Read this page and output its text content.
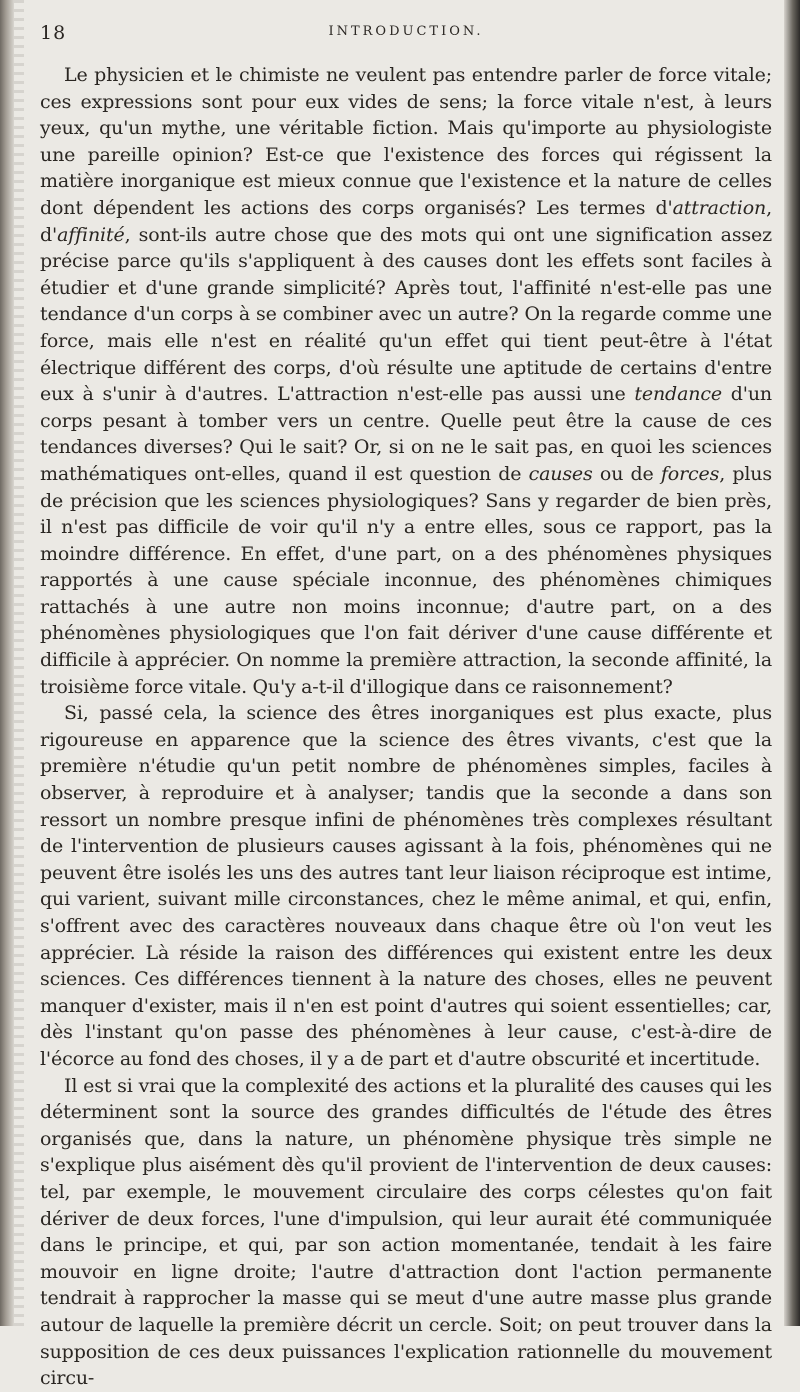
18	INTRODUCTION.

Le physicien et le chimiste ne veulent pas entendre parler de force vitale; ces expressions sont pour eux vides de sens; la force vitale n'est, à leurs yeux, qu'un mythe, une véritable fiction. Mais qu'importe au physiologiste une pareille opinion? Est-ce que l'existence des forces qui régissent la matière inorganique est mieux connue que l'existence et la nature de celles dont dépendent les actions des corps organisés? Les termes d'attraction, d'affinité, sont-ils autre chose que des mots qui ont une signification assez précise parce qu'ils s'appliquent à des causes dont les effets sont faciles à étudier et d'une grande simplicité? Après tout, l'affinité n'est-elle pas une tendance d'un corps à se combiner avec un autre? On la regarde comme une force, mais elle n'est en réalité qu'un effet qui tient peut-être à l'état électrique différent des corps, d'où résulte une aptitude de certains d'entre eux à s'unir à d'autres. L'attraction n'est-elle pas aussi une tendance d'un corps pesant à tomber vers un centre. Quelle peut être la cause de ces tendances diverses? Qui le sait? Or, si on ne le sait pas, en quoi les sciences mathématiques ont-elles, quand il est question de causes ou de forces, plus de précision que les sciences physiologiques? Sans y regarder de bien près, il n'est pas difficile de voir qu'il n'y a entre elles, sous ce rapport, pas la moindre différence. En effet, d'une part, on a des phénomènes physiques rapportés à une cause spéciale inconnue, des phénomènes chimiques rattachés à une autre non moins inconnue; d'autre part, on a des phénomènes physiologiques que l'on fait dériver d'une cause différente et difficile à apprécier. On nomme la première attraction, la seconde affinité, la troisième force vitale. Qu'y a-t-il d'illogique dans ce raisonnement?

Si, passé cela, la science des êtres inorganiques est plus exacte, plus rigoureuse en apparence que la science des êtres vivants, c'est que la première n'étudie qu'un petit nombre de phénomènes simples, faciles à observer, à reproduire et à analyser; tandis que la seconde a dans son ressort un nombre presque infini de phénomènes très complexes résultant de l'intervention de plusieurs causes agissant à la fois, phénomènes qui ne peuvent être isolés les uns des autres tant leur liaison réciproque est intime, qui varient, suivant mille circonstances, chez le même animal, et qui, enfin, s'offrent avec des caractères nouveaux dans chaque être où l'on veut les apprécier. Là réside la raison des différences qui existent entre les deux sciences. Ces différences tiennent à la nature des choses, elles ne peuvent manquer d'exister, mais il n'en est point d'autres qui soient essentielles; car, dès l'instant qu'on passe des phénomènes à leur cause, c'est-à-dire de l'écorce au fond des choses, il y a de part et d'autre obscurité et incertitude.

Il est si vrai que la complexité des actions et la pluralité des causes qui les déterminent sont la source des grandes difficultés de l'étude des êtres organisés que, dans la nature, un phénomène physique très simple ne s'explique plus aisément dès qu'il provient de l'intervention de deux causes: tel, par exemple, le mouvement circulaire des corps célestes qu'on fait dériver de deux forces, l'une d'impulsion, qui leur aurait été communiquée dans le principe, et qui, par son action momentanée, tendait à les faire mouvoir en ligne droite; l'autre d'attraction dont l'action permanente tendrait à rapprocher la masse qui se meut d'une autre masse plus grande autour de laquelle la première décrit un cercle. Soit; on peut trouver dans la supposition de ces deux puissances l'explication rationnelle du mouvement circu-
